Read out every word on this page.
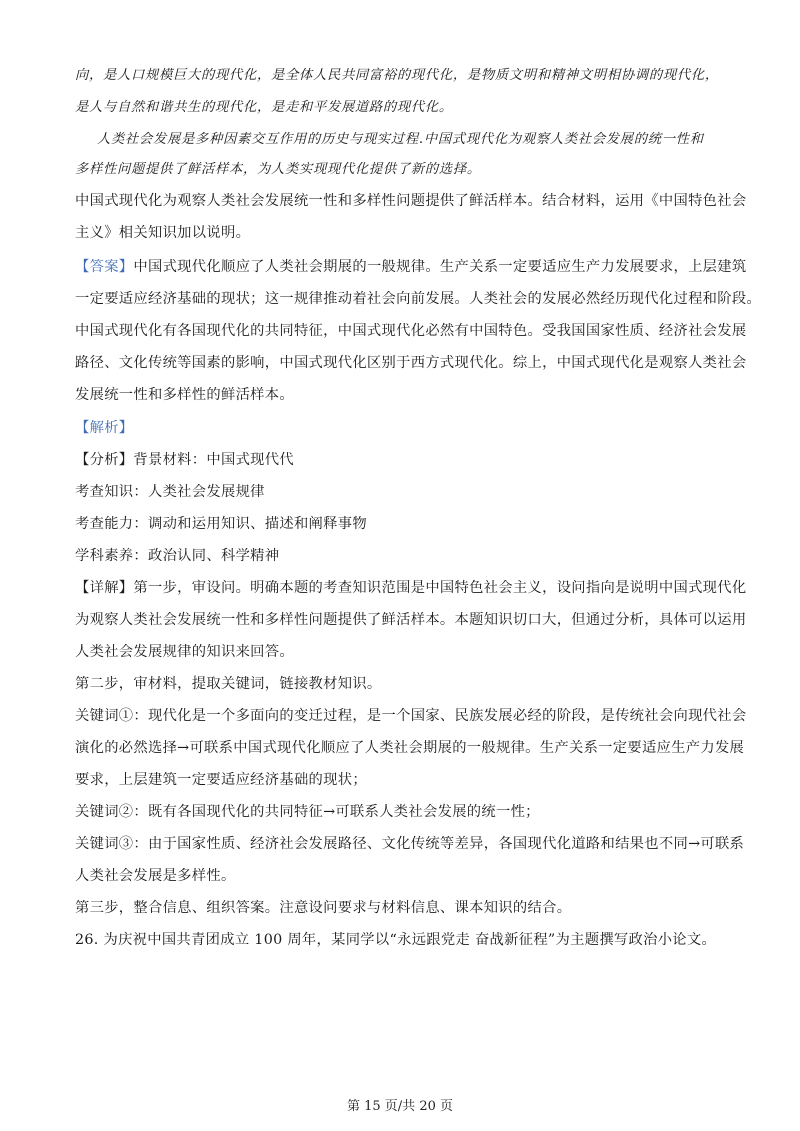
向，是人口规模巨大的现代化，是全体人民共同富裕的现代化，是物质文明和精神文明相协调的现代化，
是人与自然和谐共生的现代化，是走和平发展道路的现代化。
人类社会发展是多种因素交互作用的历史与现实过程.中国式现代化为观察人类社会发展的统一性和
多样性问题提供了鲜活样本，为人类实现现代化提供了新的选择。
中国式现代化为观察人类社会发展统一性和多样性问题提供了鲜活样本。结合材料，运用《中国特色社会
主义》相关知识加以说明。
【答案】中国式现代化顺应了人类社会期展的一般规律。生产关系一定要适应生产力发展要求，上层建筑
一定要适应经济基础的现状；这一规律推动着社会向前发展。人类社会的发展必然经历现代化过程和阶段。
中国式现代化有各国现代化的共同特征，中国式现代化必然有中国特色。受我国国家性质、经济社会发展
路径、文化传统等国素的影响，中国式现代化区别于西方式现代化。综上，中国式现代化是观察人类社会
发展统一性和多样性的鲜活样本。
【解析】
【分析】背景材料：中国式现代代
考查知识：人类社会发展规律
考查能力：调动和运用知识、描述和阐释事物
学科素养：政治认同、科学精神
【详解】第一步，审设问。明确本题的考查知识范围是中国特色社会主义，设问指向是说明中国式现代化
为观察人类社会发展统一性和多样性问题提供了鲜活样本。本题知识切口大，但通过分析，具体可以运用
人类社会发展规律的知识来回答。
第二步，审材料，提取关键词，链接教材知识。
关键词①：现代化是一个多面向的变迁过程，是一个国家、民族发展必经的阶段，是传统社会向现代社会
演化的必然选择→可联系中国式现代化顺应了人类社会期展的一般规律。生产关系一定要适应生产力发展
要求，上层建筑一定要适应经济基础的现状；
关键词②：既有各国现代化的共同特征→可联系人类社会发展的统一性；
关键词③：由于国家性质、经济社会发展路径、文化传统等差异，各国现代化道路和结果也不同→可联系
人类社会发展是多样性。
第三步，整合信息、组织答案。注意设问要求与材料信息、课本知识的结合。
26. 为庆祝中国共青团成立 100 周年，某同学以“永远跟党走 奋战新征程”为主题撰写政治小论文。
第 15 页/共 20 页
